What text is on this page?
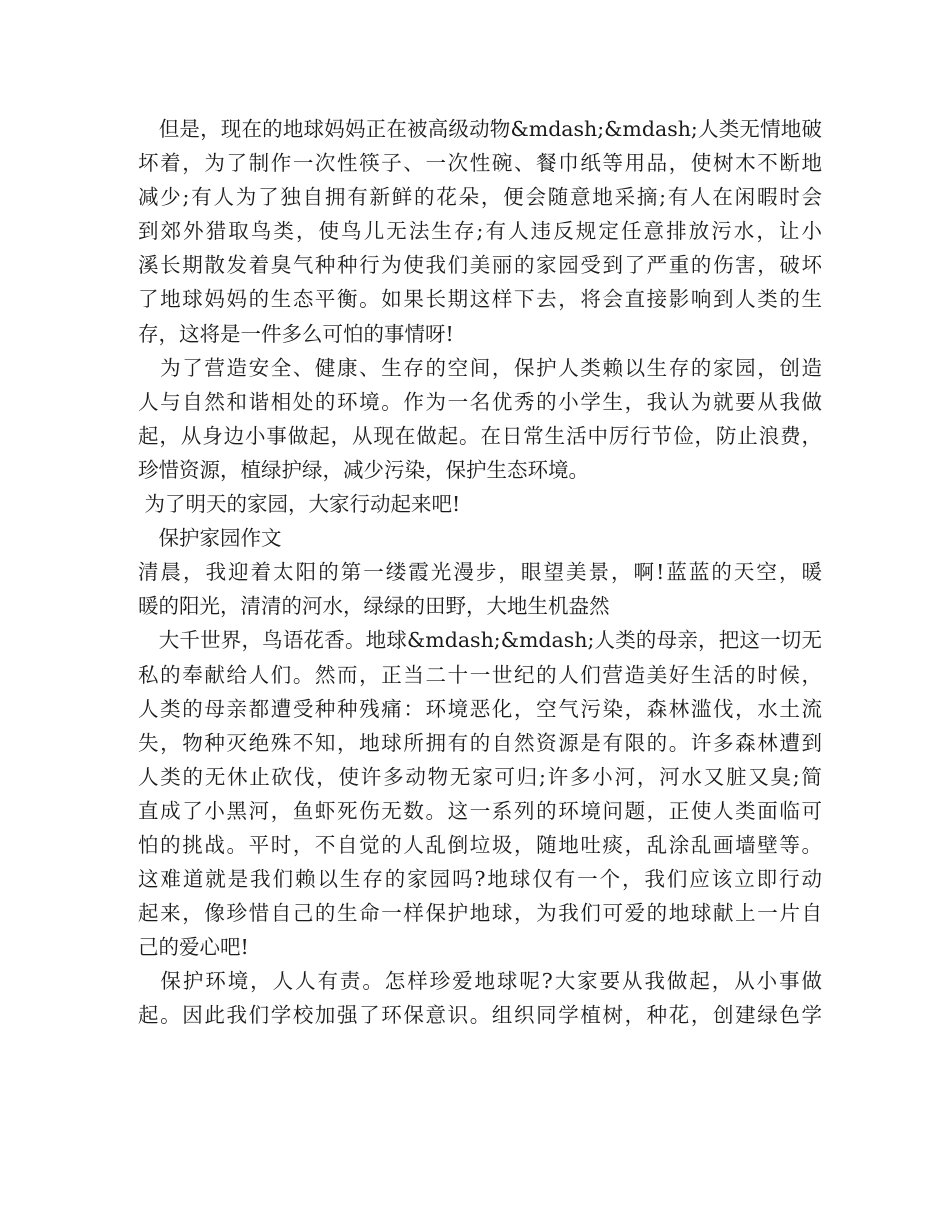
　但是，现在的地球妈妈正在被高级动物&mdash;&mdash;人类无情地破
坏着，为了制作一次性筷子、一次性碗、餐巾纸等用品，使树木不断地
减少;有人为了独自拥有新鲜的花朵，便会随意地采摘;有人在闲暇时会
到郊外猎取鸟类，使鸟儿无法生存;有人违反规定任意排放污水，让小
溪长期散发着臭气种种行为使我们美丽的家园受到了严重的伤害，破坏
了地球妈妈的生态平衡。如果长期这样下去，将会直接影响到人类的生
存，这将是一件多么可怕的事情呀!
　为了营造安全、健康、生存的空间，保护人类赖以生存的家园，创造
人与自然和谐相处的环境。作为一名优秀的小学生，我认为就要从我做
起，从身边小事做起，从现在做起。在日常生活中厉行节俭，防止浪费，
珍惜资源，植绿护绿，减少污染，保护生态环境。
为了明天的家园，大家行动起来吧!
　保护家园作文
清晨，我迎着太阳的第一缕霞光漫步，眼望美景，啊!蓝蓝的天空，暖
暖的阳光，清清的河水，绿绿的田野，大地生机盎然
　大千世界，鸟语花香。地球&mdash;&mdash;人类的母亲，把这一切无
私的奉献给人们。然而，正当二十一世纪的人们营造美好生活的时候，
人类的母亲都遭受种种残痛：环境恶化，空气污染，森林滥伐，水土流
失，物种灭绝殊不知，地球所拥有的自然资源是有限的。许多森林遭到
人类的无休止砍伐，使许多动物无家可归;许多小河，河水又脏又臭;简
直成了小黑河，鱼虾死伤无数。这一系列的环境问题，正使人类面临可
怕的挑战。平时，不自觉的人乱倒垃圾，随地吐痰，乱涂乱画墙壁等。
这难道就是我们赖以生存的家园吗?地球仅有一个，我们应该立即行动
起来，像珍惜自己的生命一样保护地球，为我们可爱的地球献上一片自
己的爱心吧!
　保护环境，人人有责。怎样珍爱地球呢?大家要从我做起，从小事做
起。因此我们学校加强了环保意识。组织同学植树，种花，创建绿色学
